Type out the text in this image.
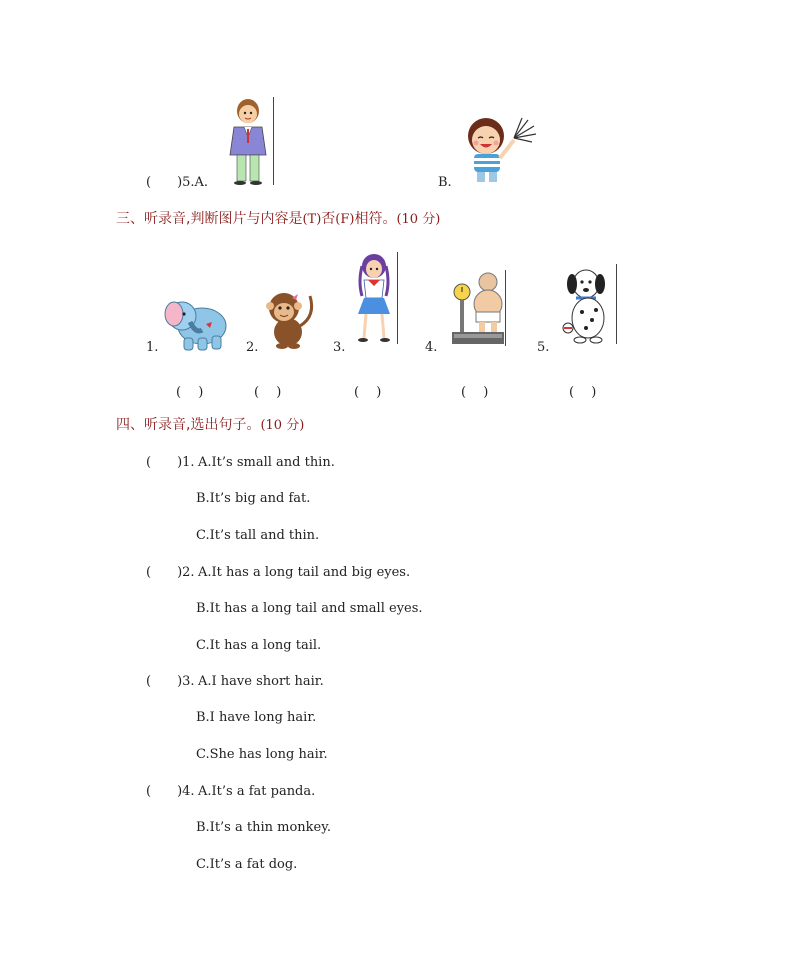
(　　)5.A.	B.
三、听录音,判断图片与内容是(T)否(F)相符。(10 分)
1.	2.	3.	4.	5.
(　 )	(　 )	(　 )	(　 )	(　 )
四、听录音,选出句子。(10 分)
(　　)1. A.It’s small and thin.
B.It’s big and fat.
C.It’s tall and thin.
(　　)2. A.It has a long tail and big eyes.
B.It has a long tail and small eyes.
C.It has a long tail.
(　　)3. A.I have short hair.
B.I have long hair.
C.She has long hair.
(　　)4. A.It’s a fat panda.
B.It’s a thin monkey.
C.It’s a fat dog.
